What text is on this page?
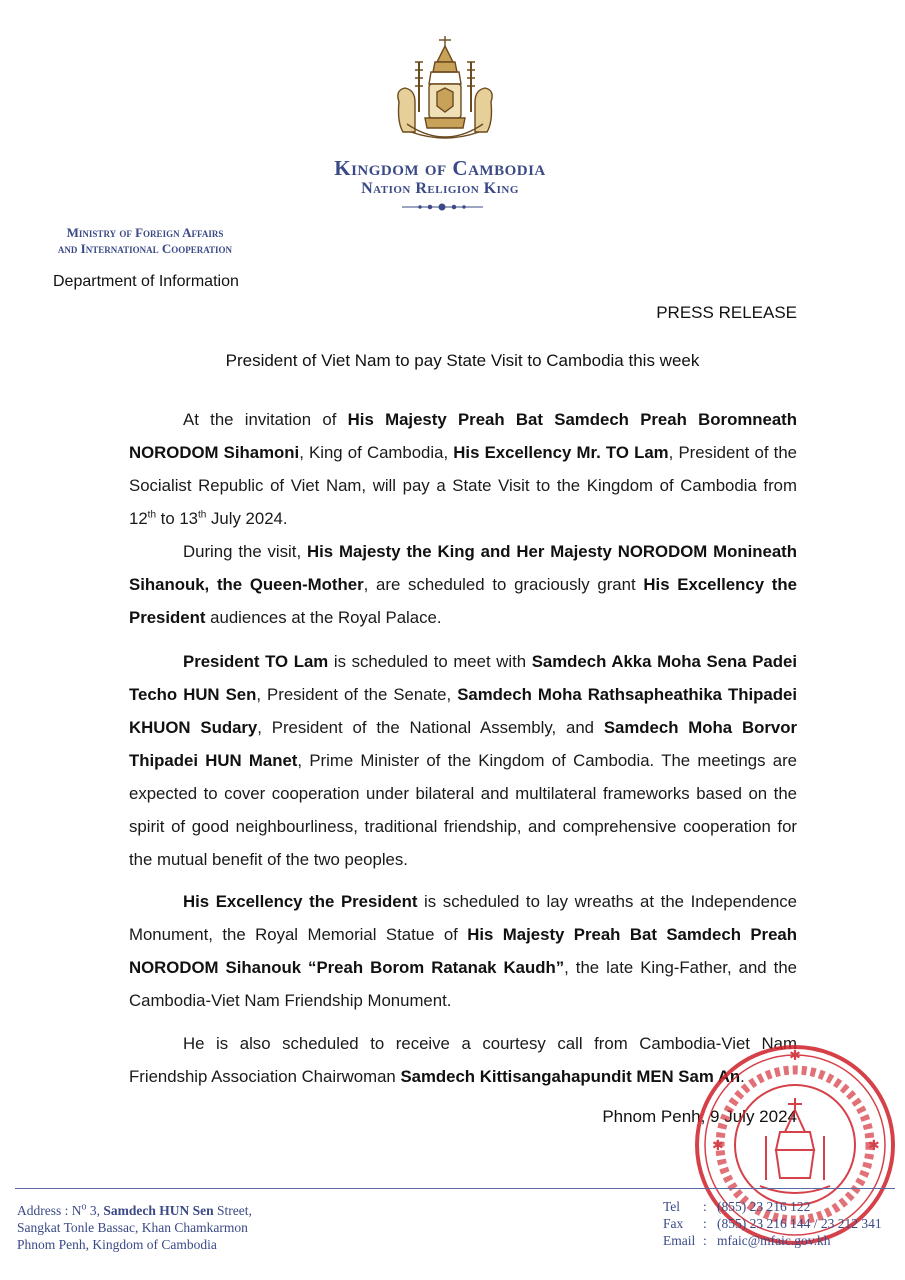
Kingdom of Cambodia
Nation Religion King
Ministry of Foreign Affairs
and International Cooperation
Department of Information
PRESS RELEASE
President of Viet Nam to pay State Visit to Cambodia this week

At the invitation of His Majesty Preah Bat Samdech Preah Boromneath NORODOM Sihamoni, King of Cambodia, His Excellency Mr. TO Lam, President of the Socialist Republic of Viet Nam, will pay a State Visit to the Kingdom of Cambodia from 12th to 13th July 2024.

During the visit, His Majesty the King and Her Majesty NORODOM Monineath Sihanouk, the Queen-Mother, are scheduled to graciously grant His Excellency the President audiences at the Royal Palace.

President TO Lam is scheduled to meet with Samdech Akka Moha Sena Padei Techo HUN Sen, President of the Senate, Samdech Moha Rathsapheathika Thipadei KHUON Sudary, President of the National Assembly, and Samdech Moha Borvor Thipadei HUN Manet, Prime Minister of the Kingdom of Cambodia. The meetings are expected to cover cooperation under bilateral and multilateral frameworks based on the spirit of good neighbourliness, traditional friendship, and comprehensive cooperation for the mutual benefit of the two peoples.

His Excellency the President is scheduled to lay wreaths at the Independence Monument, the Royal Memorial Statue of His Majesty Preah Bat Samdech Preah NORODOM Sihanouk “Preah Borom Ratanak Kaudh”, the late King-Father, and the Cambodia-Viet Nam Friendship Monument.

He is also scheduled to receive a courtesy call from Cambodia-Viet Nam Friendship Association Chairwoman Samdech Kittisangahapundit MEN Sam An.

Phnom Penh, 9 July 2024
✱
✱	✱
Address : $N^o$ 3, Samdech HUN Sen Street,
Sangkat Tonle Bassac, Khan Chamkarmon
Phnom Penh, Kingdom of Cambodia
Tel	: (855) 23 216 122
Fax	: (855) 23 216 144 / 23 212 341
Email : mfaic@mfaic.gov.kh
